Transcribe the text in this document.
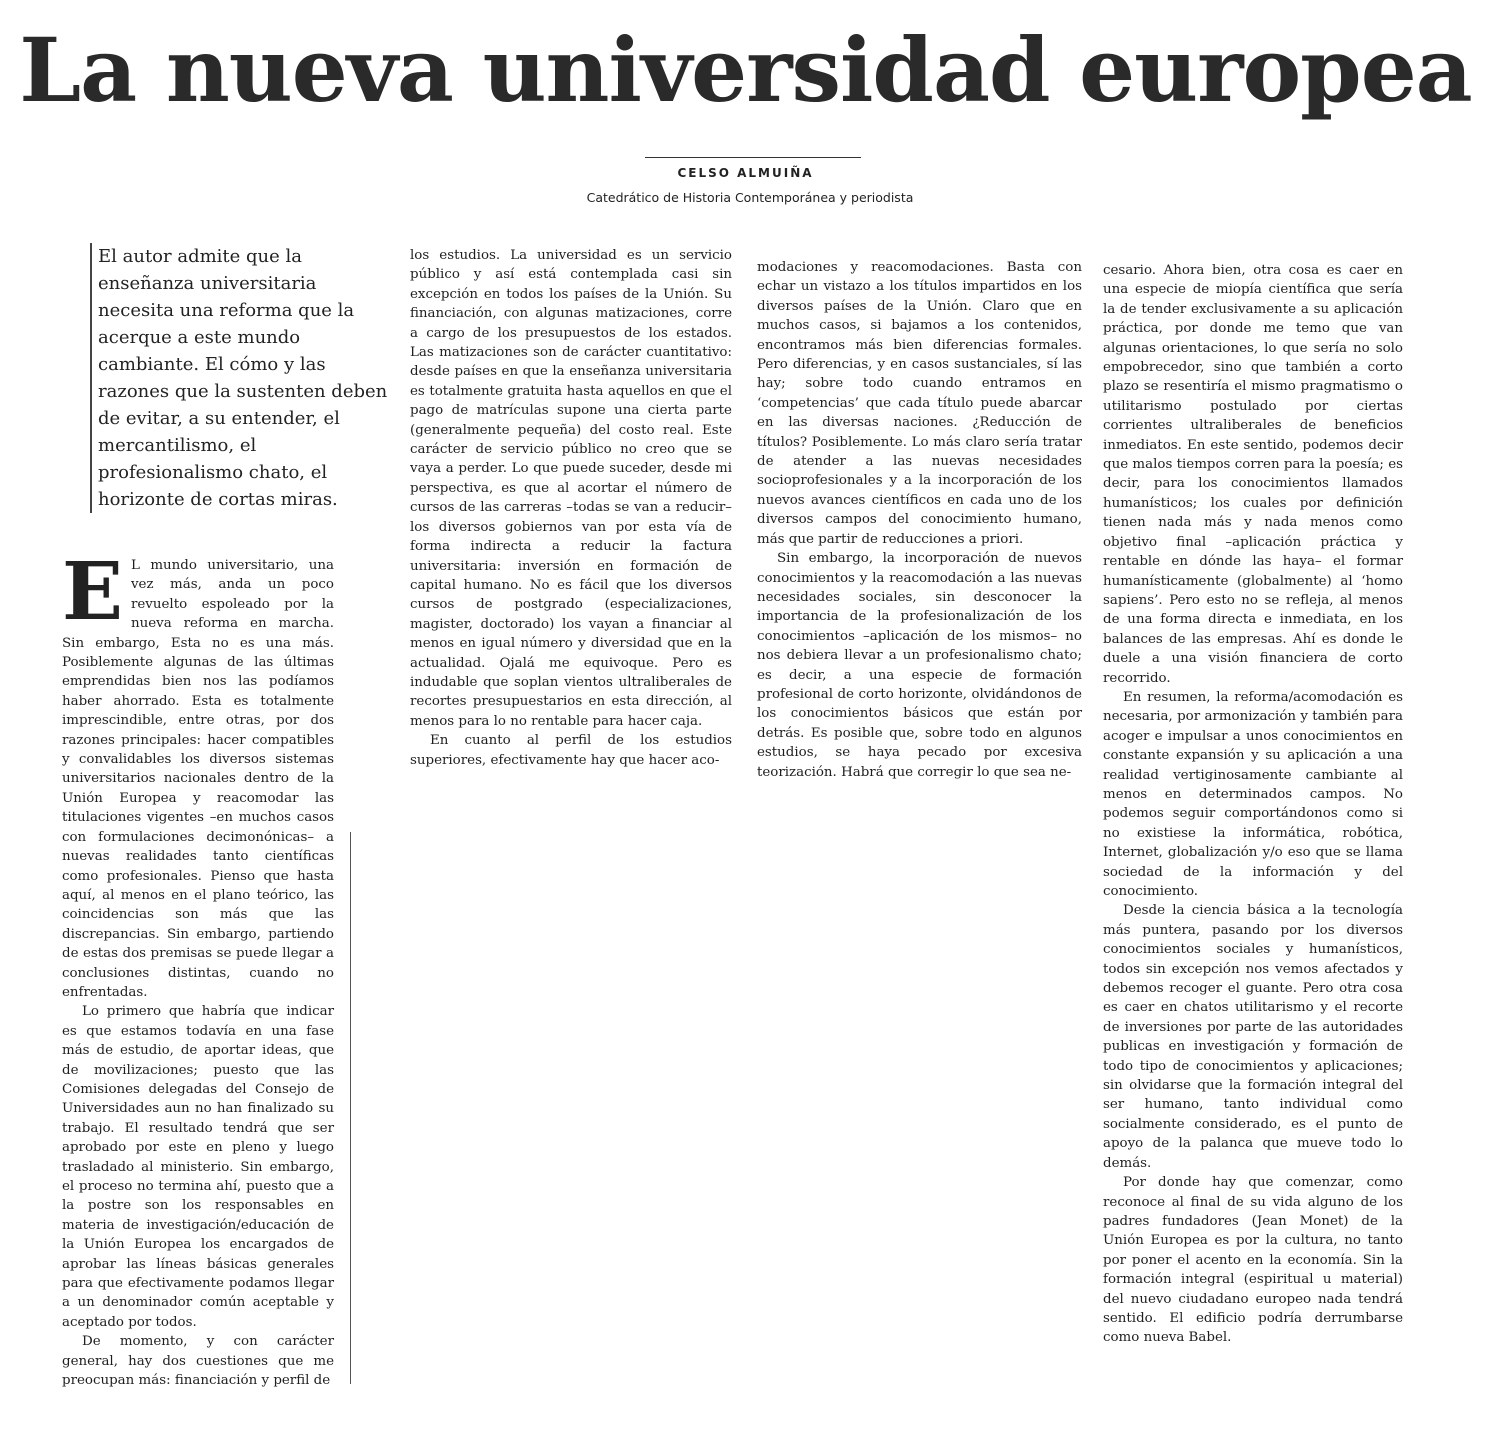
La nueva universidad europea
CELSO ALMUIÑA
Catedrático de Historia Contemporánea y periodista

El autor admite que la enseñanza universitaria necesita una reforma que la acerque a este mundo cambiante. El cómo y las razones que la sustenten deben de evitar, a su entender, el mercantilismo, el profesionalismo chato, el horizonte de cortas miras.

E L mundo universitario, una vez más, anda un poco revuelto espoleado por la nueva reforma en marcha. Sin embargo, Esta no es una más. Posiblemente algunas de las últimas emprendidas bien nos las podíamos haber ahorrado. Esta es totalmente imprescindible, entre otras, por dos razones principales: hacer compatibles y convalidables los diversos sistemas universitarios nacionales dentro de la Unión Europea y reacomodar las titulaciones vigentes –en muchos casos con formulaciones decimonónicas– a nuevas realidades tanto científicas como profesionales. Pienso que hasta aquí, al menos en el plano teórico, las coincidencias son más que las discrepancias. Sin embargo, partiendo de estas dos premisas se puede llegar a conclusiones distintas, cuando no enfrentadas.

Lo primero que habría que indicar es que estamos todavía en una fase más de estudio, de aportar ideas, que de movilizaciones; puesto que las Comisiones delegadas del Consejo de Universidades aun no han finalizado su trabajo. El resultado tendrá que ser aprobado por este en pleno y luego trasladado al ministerio. Sin embargo, el proceso no termina ahí, puesto que a la postre son los responsables en materia de investigación/educación de la Unión Europea los encargados de aprobar las líneas básicas generales para que efectivamente podamos llegar a un denominador común aceptable y aceptado por todos.

De momento, y con carácter general, hay dos cuestiones que me preocupan más: financiación y perfil de

los estudios. La universidad es un servicio público y así está contemplada casi sin excepción en todos los países de la Unión. Su financiación, con algunas matizaciones, corre a cargo de los presupuestos de los estados. Las matizaciones son de carácter cuantitativo: desde países en que la enseñanza universitaria es totalmente gratuita hasta aquellos en que el pago de matrículas supone una cierta parte (generalmente pequeña) del costo real. Este carácter de servicio público no creo que se vaya a perder. Lo que puede suceder, desde mi perspectiva, es que al acortar el número de cursos de las carreras –todas se van a reducir– los diversos gobiernos van por esta vía de forma indirecta a reducir la factura universitaria: inversión en formación de capital humano. No es fácil que los diversos cursos de postgrado (especializaciones, magister, doctorado) los vayan a financiar al menos en igual número y diversidad que en la actualidad. Ojalá me equivoque. Pero es indudable que soplan vientos ultraliberales de recortes presupuestarios en esta dirección, al menos para lo no rentable para hacer caja.

En cuanto al perfil de los estudios superiores, efectivamente hay que hacer aco-

modaciones y reacomodaciones. Basta con echar un vistazo a los títulos impartidos en los diversos países de la Unión. Claro que en muchos casos, si bajamos a los contenidos, encontramos más bien diferencias formales. Pero diferencias, y en casos sustanciales, sí las hay; sobre todo cuando entramos en ‘competencias’ que cada título puede abarcar en las diversas naciones. ¿Reducción de títulos? Posiblemente. Lo más claro sería tratar de atender a las nuevas necesidades socioprofesionales y a la incorporación de los nuevos avances científicos en cada uno de los diversos campos del conocimiento humano, más que partir de reducciones a priori.

Sin embargo, la incorporación de nuevos conocimientos y la reacomodación a las nuevas necesidades sociales, sin desconocer la importancia de la profesionalización de los conocimientos –aplicación de los mismos– no nos debiera llevar a un profesionalismo chato; es decir, a una especie de formación profesional de corto horizonte, olvidándonos de los conocimientos básicos que están por detrás. Es posible que, sobre todo en algunos estudios, se haya pecado por excesiva teorización. Habrá que corregir lo que sea ne-

cesario. Ahora bien, otra cosa es caer en una especie de miopía científica que sería la de tender exclusivamente a su aplicación práctica, por donde me temo que van algunas orientaciones, lo que sería no solo empobrecedor, sino que también a corto plazo se resentiría el mismo pragmatismo o utilitarismo postulado por ciertas corrientes ultraliberales de beneficios inmediatos. En este sentido, podemos decir que malos tiempos corren para la poesía; es decir, para los conocimientos llamados humanísticos; los cuales por definición tienen nada más y nada menos como objetivo final –aplicación práctica y rentable en dónde las haya– el formar humanísticamente (globalmente) al ‘homo sapiens’. Pero esto no se refleja, al menos de una forma directa e inmediata, en los balances de las empresas. Ahí es donde le duele a una visión financiera de corto recorrido.

En resumen, la reforma/acomodación es necesaria, por armonización y también para acoger e impulsar a unos conocimientos en constante expansión y su aplicación a una realidad vertiginosamente cambiante al menos en determinados campos. No podemos seguir comportándonos como si no existiese la informática, robótica, Internet, globalización y/o eso que se llama sociedad de la información y del conocimiento.

Desde la ciencia básica a la tecnología más puntera, pasando por los diversos conocimientos sociales y humanísticos, todos sin excepción nos vemos afectados y debemos recoger el guante. Pero otra cosa es caer en chatos utilitarismo y el recorte de inversiones por parte de las autoridades publicas en investigación y formación de todo tipo de conocimientos y aplicaciones; sin olvidarse que la formación integral del ser humano, tanto individual como socialmente considerado, es el punto de apoyo de la palanca que mueve todo lo demás.

Por donde hay que comenzar, como reconoce al final de su vida alguno de los padres fundadores (Jean Monet) de la Unión Europea es por la cultura, no tanto por poner el acento en la economía. Sin la formación integral (espiritual u material) del nuevo ciudadano europeo nada tendrá sentido. El edificio podría derrumbarse como nueva Babel.
